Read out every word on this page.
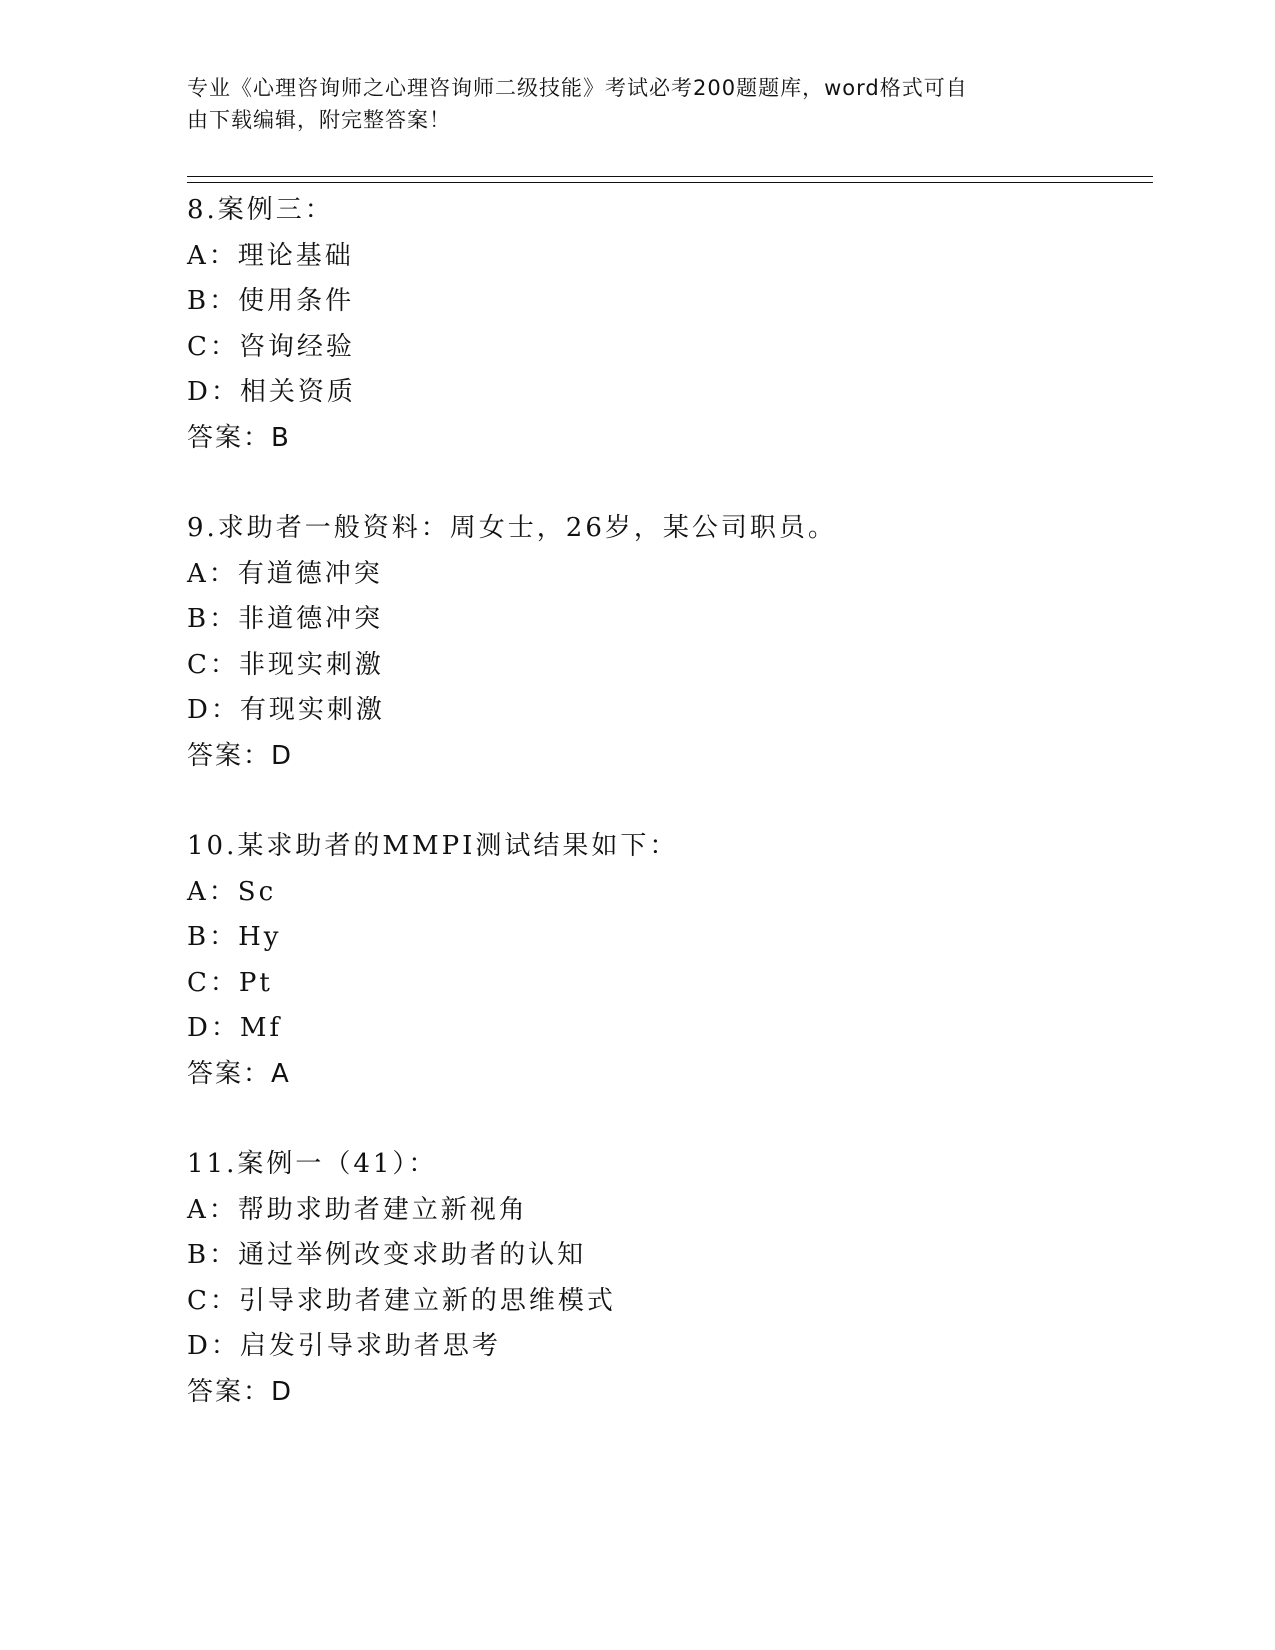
专业《心理咨询师之心理咨询师二级技能》考试必考200题题库，word格式可自
由下载编辑，附完整答案！
8.案例三：
A：理论基础
B：使用条件
C：咨询经验
D：相关资质
答案：B
9.求助者一般资料：周女士，26岁，某公司职员。
A：有道德冲突
B：非道德冲突
C：非现实刺激
D：有现实刺激
答案：D
10.某求助者的MMPI测试结果如下：
A：Sc
B：Hy
C：Pt
D：Mf
答案：A
11.案例一（41）：
A：帮助求助者建立新视角
B：通过举例改变求助者的认知
C：引导求助者建立新的思维模式
D：启发引导求助者思考
答案：D
